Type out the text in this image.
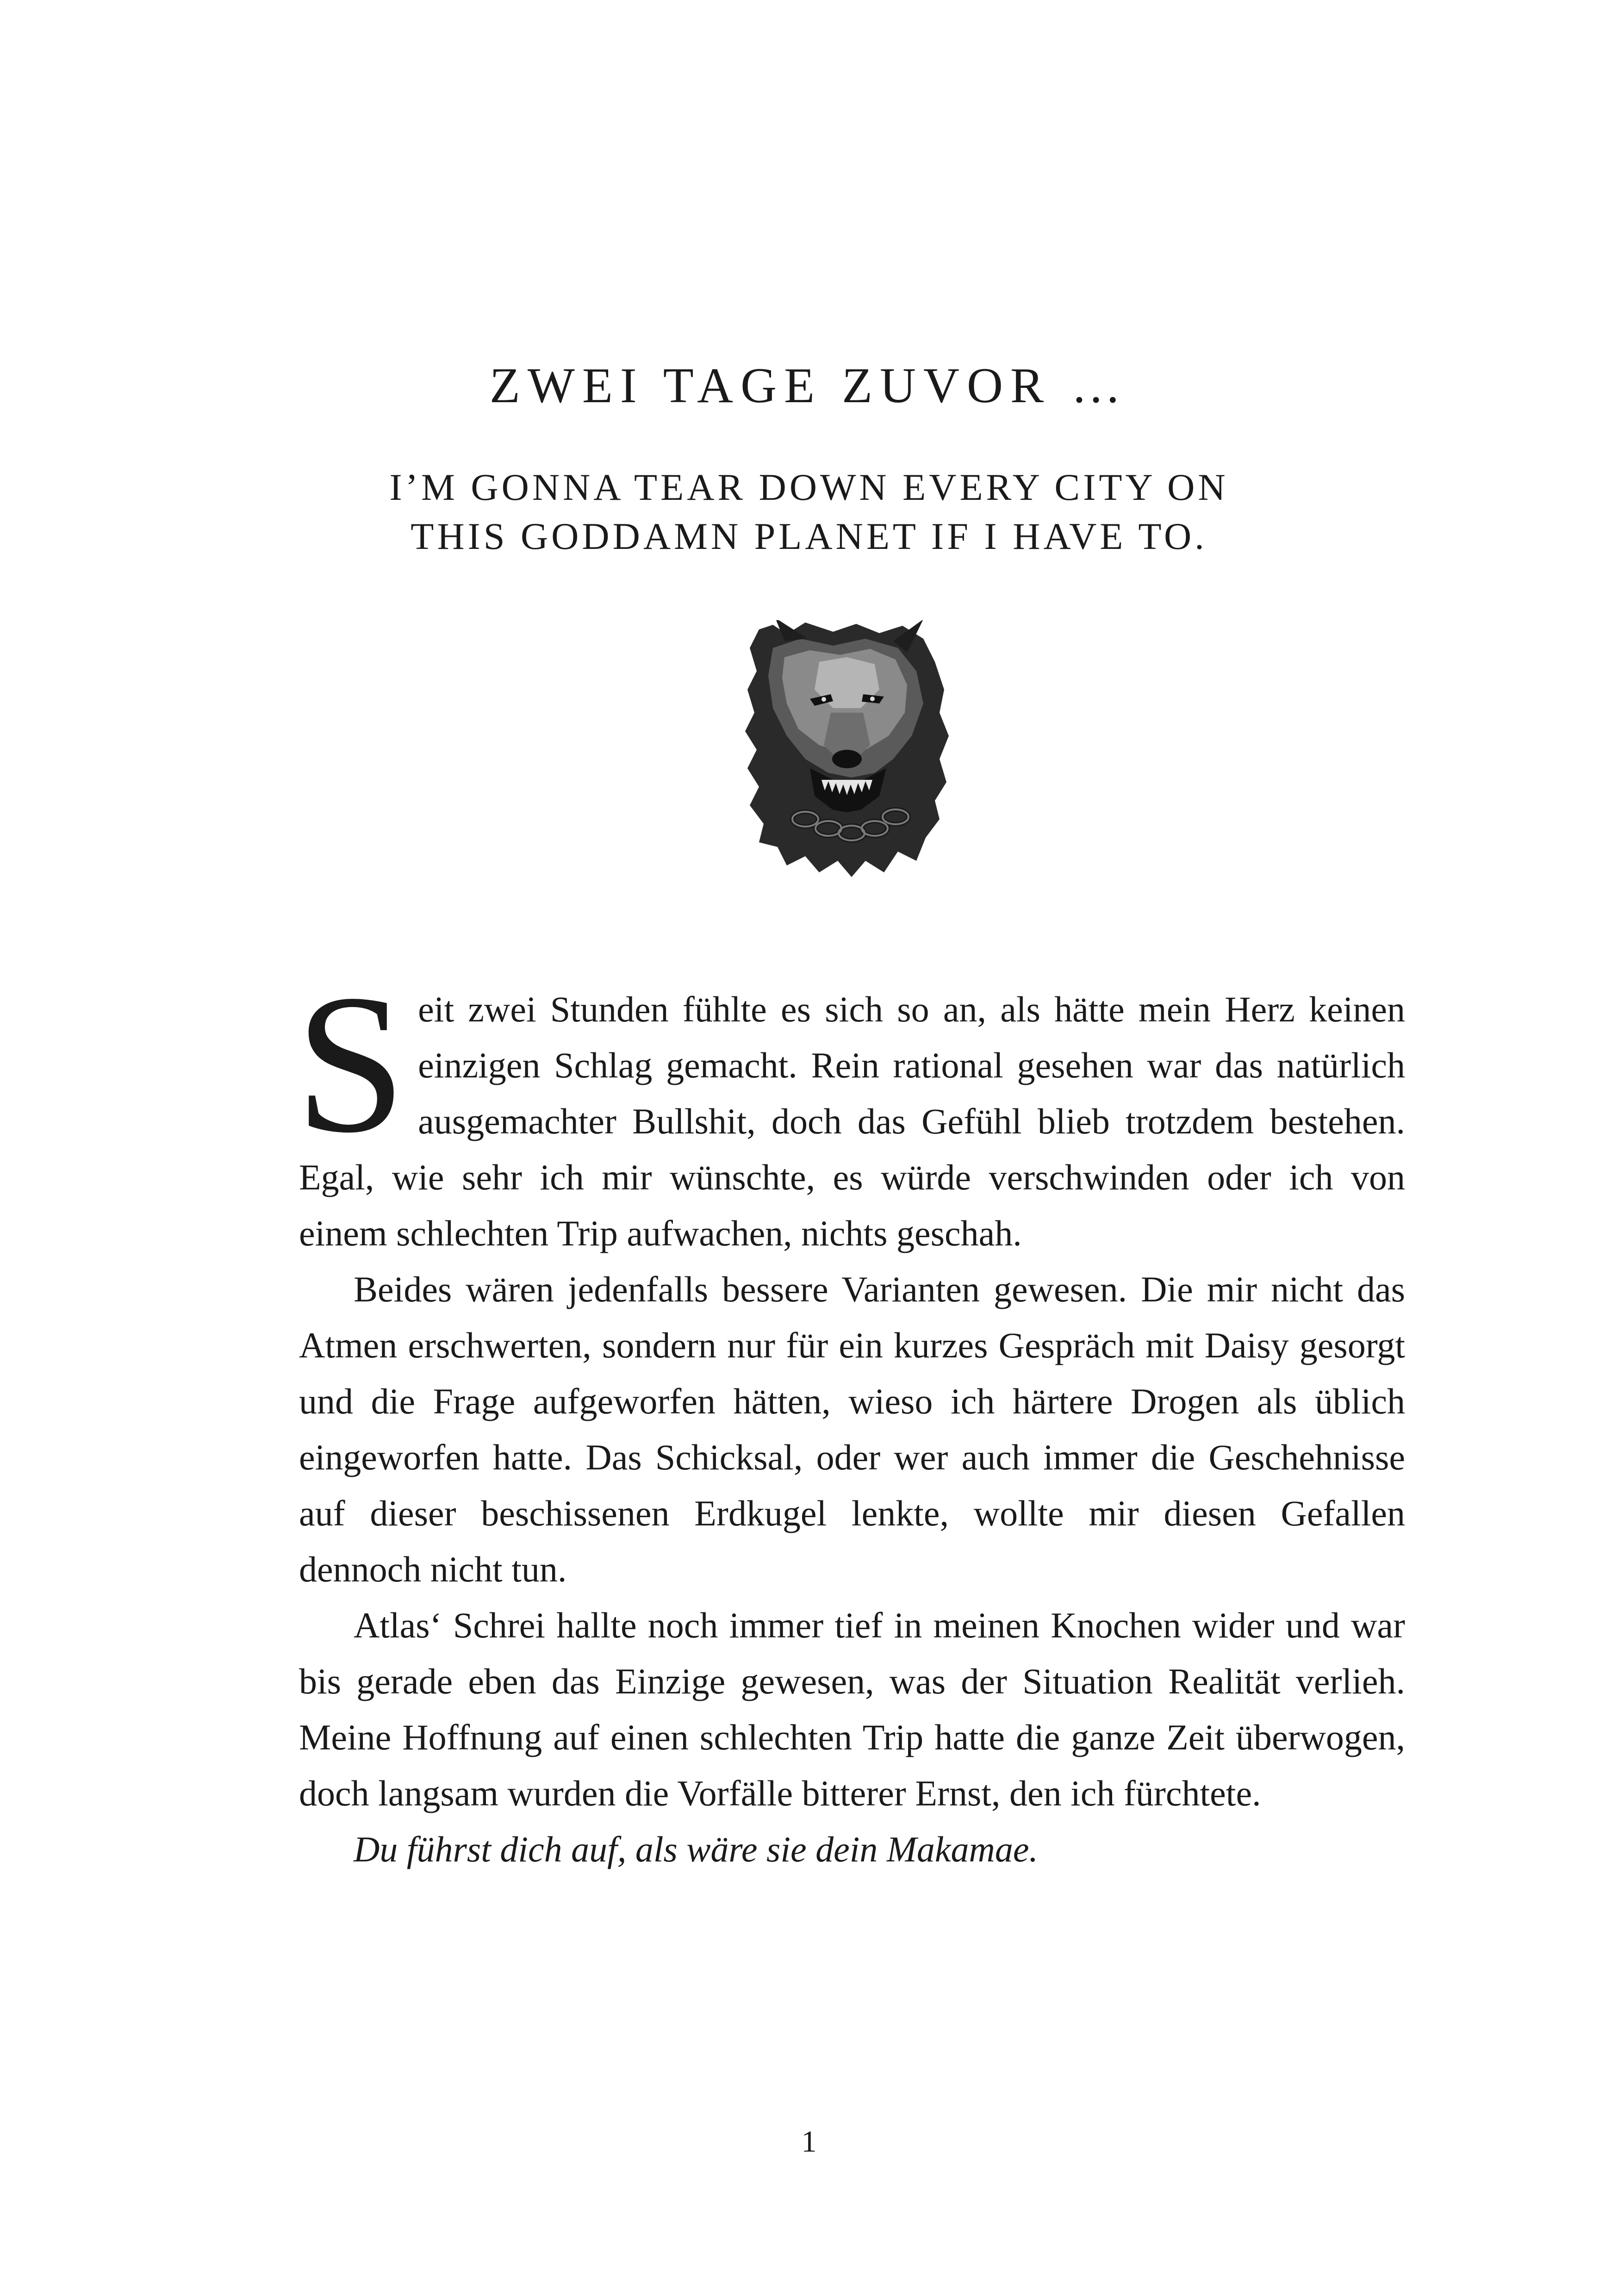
ZWEI TAGE ZUVOR …
I’M GONNA TEAR DOWN EVERY CITY ON
THIS GODDAMN PLANET IF I HAVE TO.

Seit zwei Stunden fühlte es sich so an, als hätte mein Herz keinen einzigen Schlag gemacht. Rein rational gesehen war das natürlich ausgemachter Bullshit, doch das Gefühl blieb trotzdem bestehen. Egal, wie sehr ich mir wünschte, es würde verschwinden oder ich von einem schlechten Trip aufwachen, nichts geschah.

Beides wären jedenfalls bessere Varianten gewesen. Die mir nicht das Atmen erschwerten, sondern nur für ein kurzes Gespräch mit Daisy gesorgt und die Frage aufgeworfen hätten, wieso ich härtere Drogen als üblich eingeworfen hatte. Das Schicksal, oder wer auch immer die Geschehnisse auf dieser beschissenen Erdkugel lenkte, wollte mir diesen Gefallen dennoch nicht tun.

Atlas‘ Schrei hallte noch immer tief in meinen Knochen wider und war bis gerade eben das Einzige gewesen, was der Situation Realität verlieh. Meine Hoffnung auf einen schlechten Trip hatte die ganze Zeit überwogen, doch langsam wurden die Vorfälle bitterer Ernst, den ich fürchtete.

Du führst dich auf, als wäre sie dein Makamae.

1
